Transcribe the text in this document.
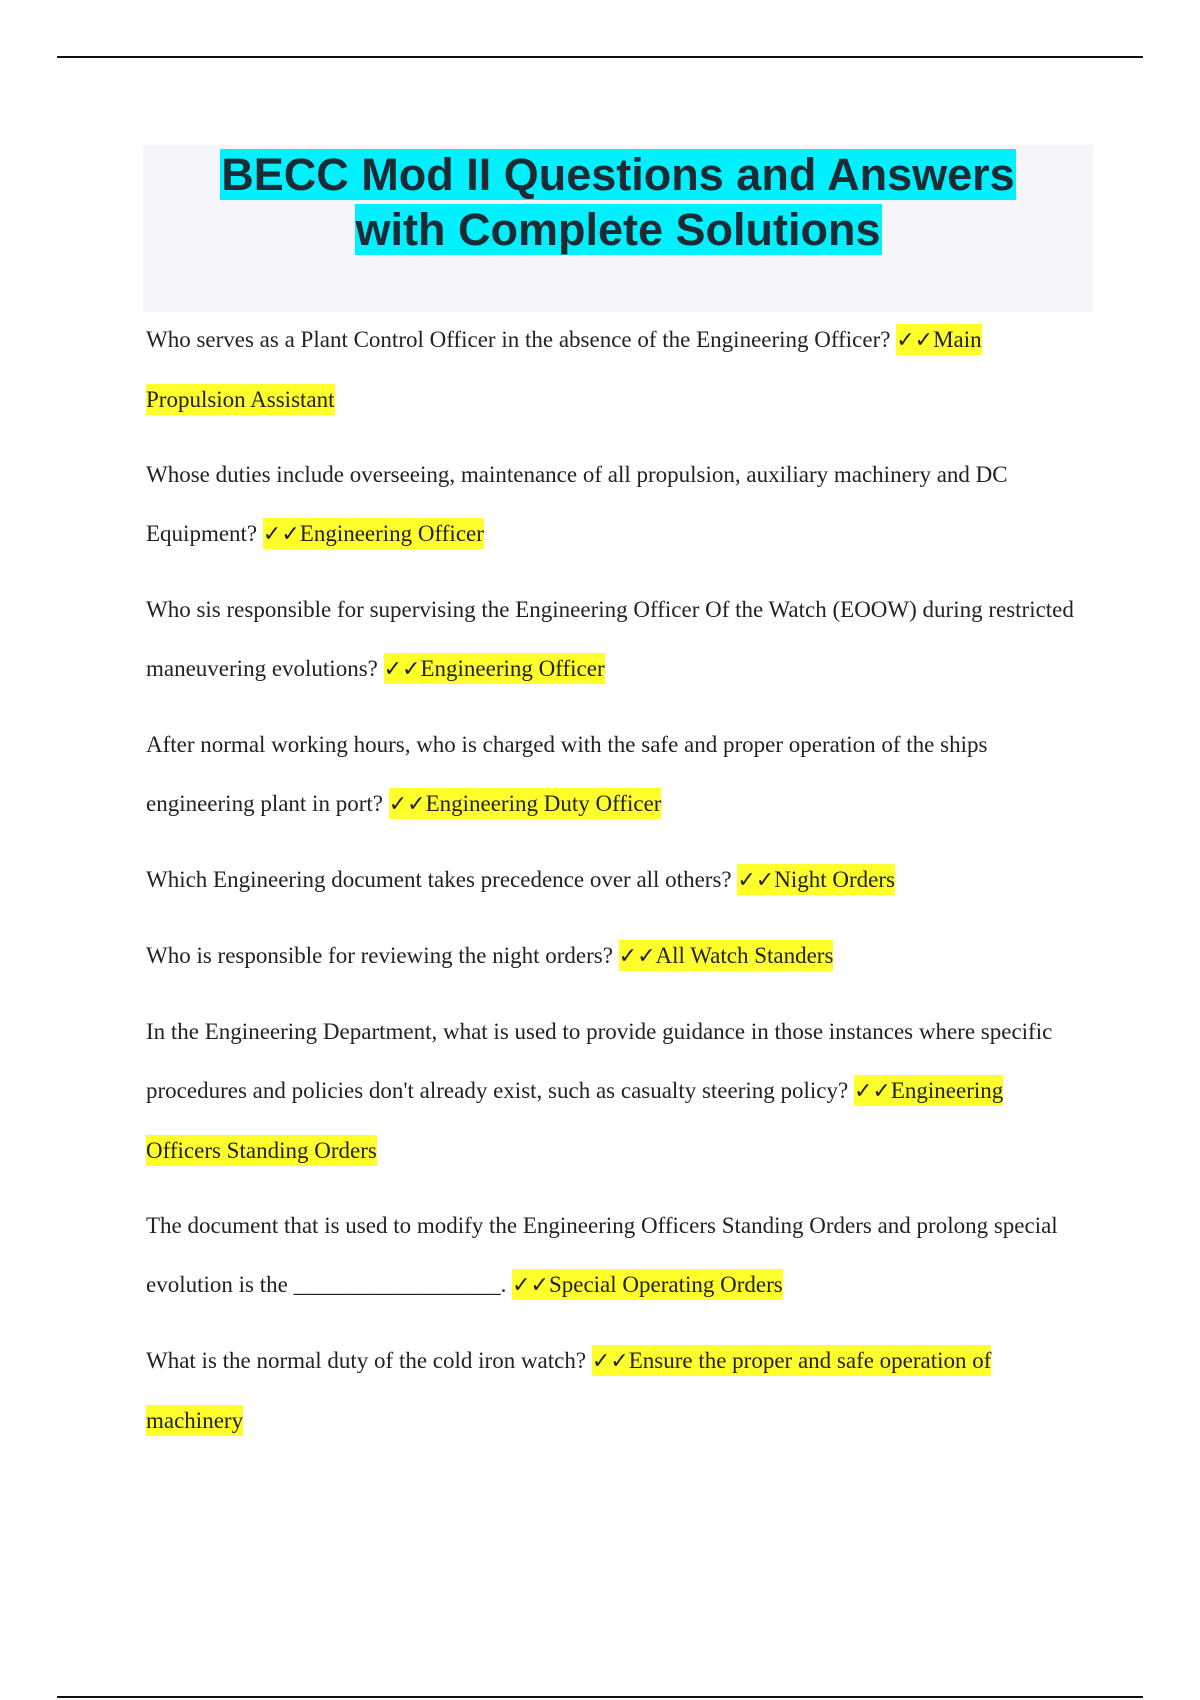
BECC Mod II Questions and Answers
with Complete Solutions

Who serves as a Plant Control Officer in the absence of the Engineering Officer? ✓✓Main Propulsion Assistant

Whose duties include overseeing, maintenance of all propulsion, auxiliary machinery and DC Equipment? ✓✓Engineering Officer

Who sis responsible for supervising the Engineering Officer Of the Watch (EOOW) during restricted maneuvering evolutions? ✓✓Engineering Officer

After normal working hours, who is charged with the safe and proper operation of the ships engineering plant in port? ✓✓Engineering Duty Officer

Which Engineering document takes precedence over all others? ✓✓Night Orders

Who is responsible for reviewing the night orders? ✓✓All Watch Standers

In the Engineering Department, what is used to provide guidance in those instances where specific procedures and policies don't already exist, such as casualty steering policy? ✓✓Engineering Officers Standing Orders

The document that is used to modify the Engineering Officers Standing Orders and prolong special evolution is the __________________. ✓✓Special Operating Orders

What is the normal duty of the cold iron watch? ✓✓Ensure the proper and safe operation of machinery
